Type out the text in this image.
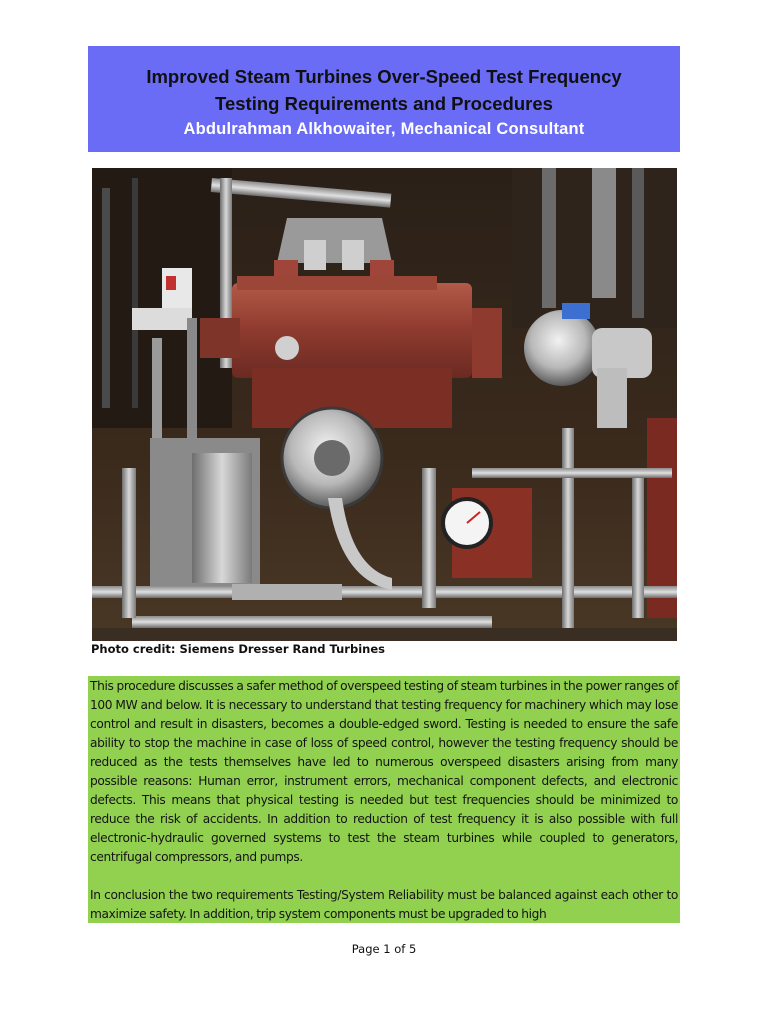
Improved Steam Turbines Over-Speed Test Frequency

Testing Requirements and Procedures

Abdulrahman Alkhowaiter, Mechanical Consultant

Photo credit: Siemens Dresser Rand Turbines

This procedure discusses a safer method of overspeed testing of steam turbines in the power ranges of 100 MW and below. It is necessary to understand that testing frequency for machinery which may lose control and result in disasters, becomes a double-edged sword. Testing is needed to ensure the safe ability to stop the machine in case of loss of speed control, however the testing frequency should be reduced as the tests themselves have led to numerous overspeed disasters arising from many possible reasons: Human error, instrument errors, mechanical component defects, and electronic defects. This means that physical testing is needed but test frequencies should be minimized to reduce the risk of accidents. In addition to reduction of test frequency it is also possible with full electronic-hydraulic governed systems to test the steam turbines while coupled to generators, centrifugal compressors, and pumps.

In conclusion the two requirements Testing/System Reliability must be balanced against each other to maximize safety. In addition, trip system components must be upgraded to high

Page 1 of 5
